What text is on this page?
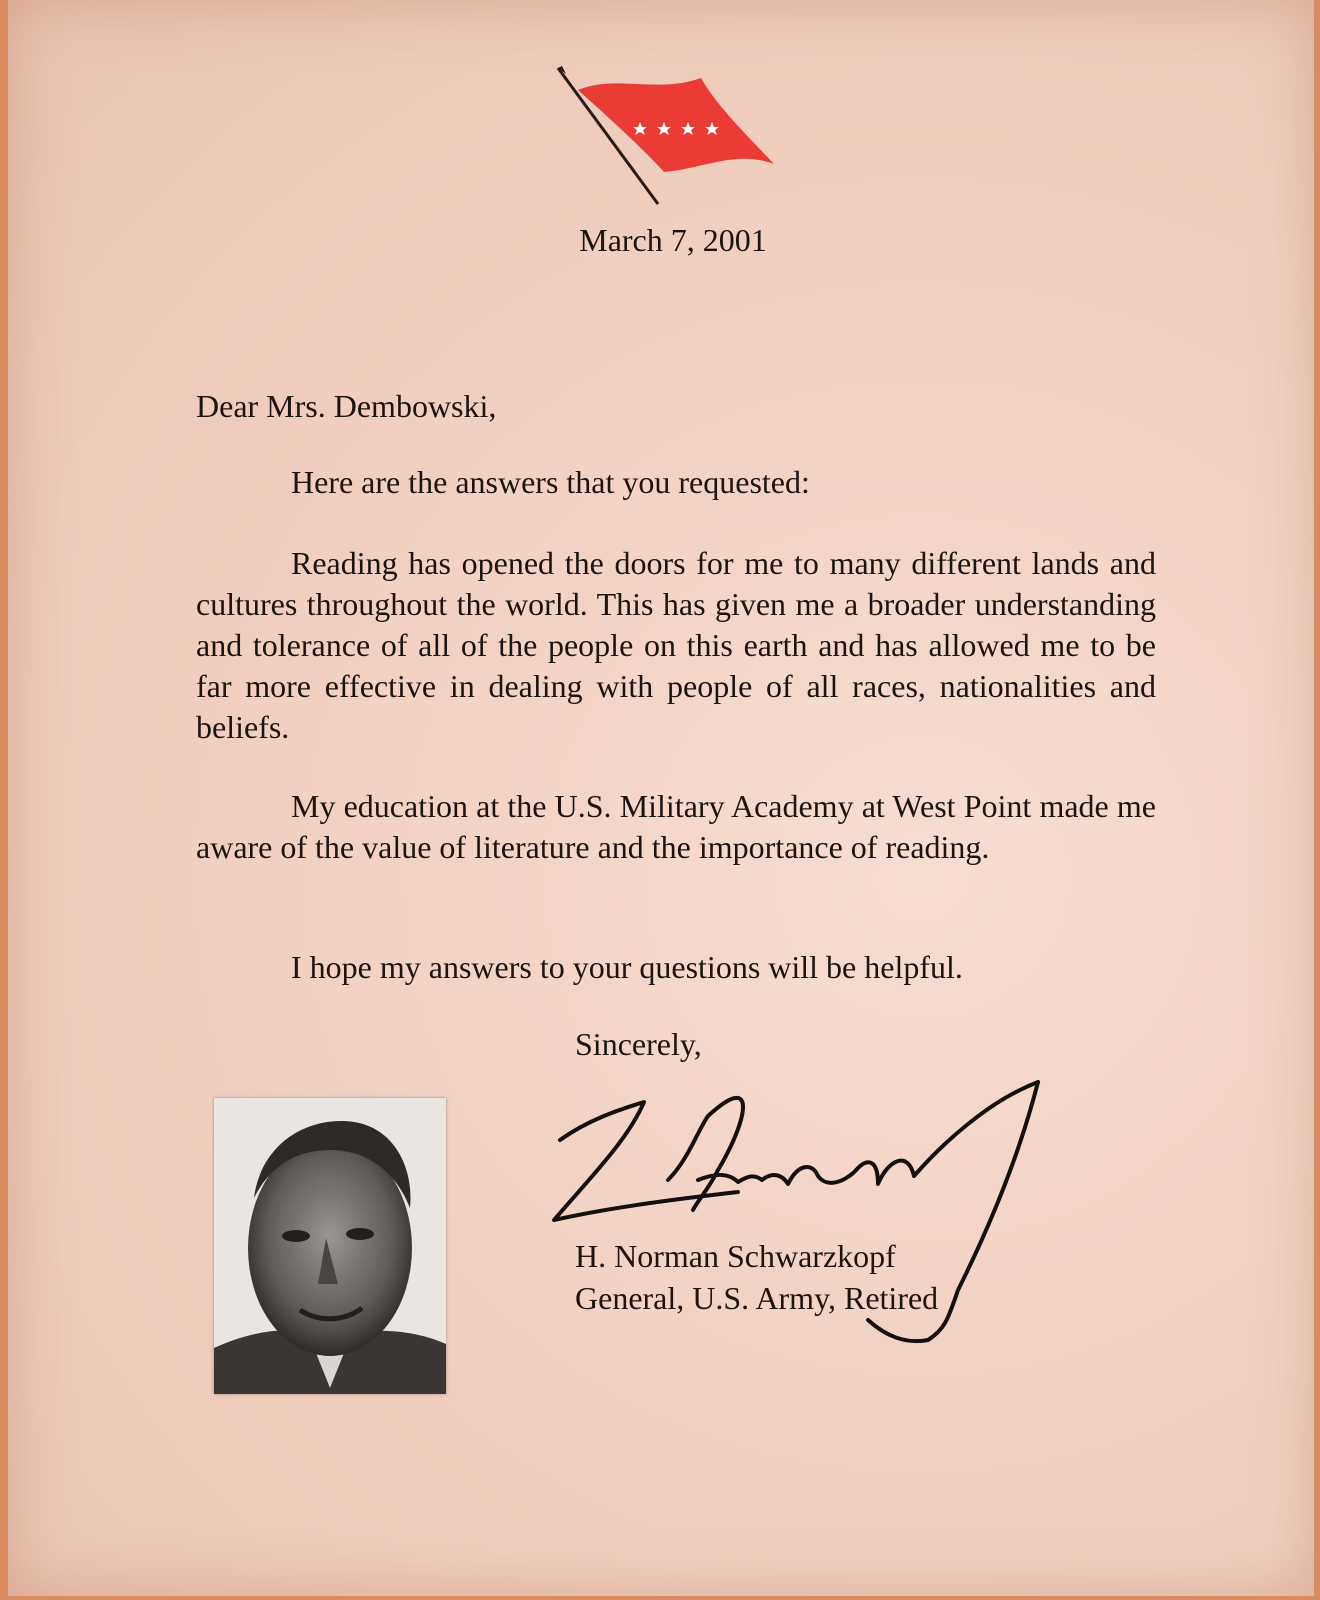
March 7, 2001
Dear Mrs. Dembowski,
Here are the answers that you requested:
Reading has opened the doors for me to many different lands and cultures throughout the world. This has given me a broader understanding and tolerance of all of the people on this earth and has allowed me to be far more effective in dealing with people of all races, nationalities and beliefs.
My education at the U.S. Military Academy at West Point made me aware of the value of literature and the importance of reading.
I hope my answers to your questions will be helpful.
Sincerely,
H. Norman Schwarzkopf
General, U.S. Army, Retired
